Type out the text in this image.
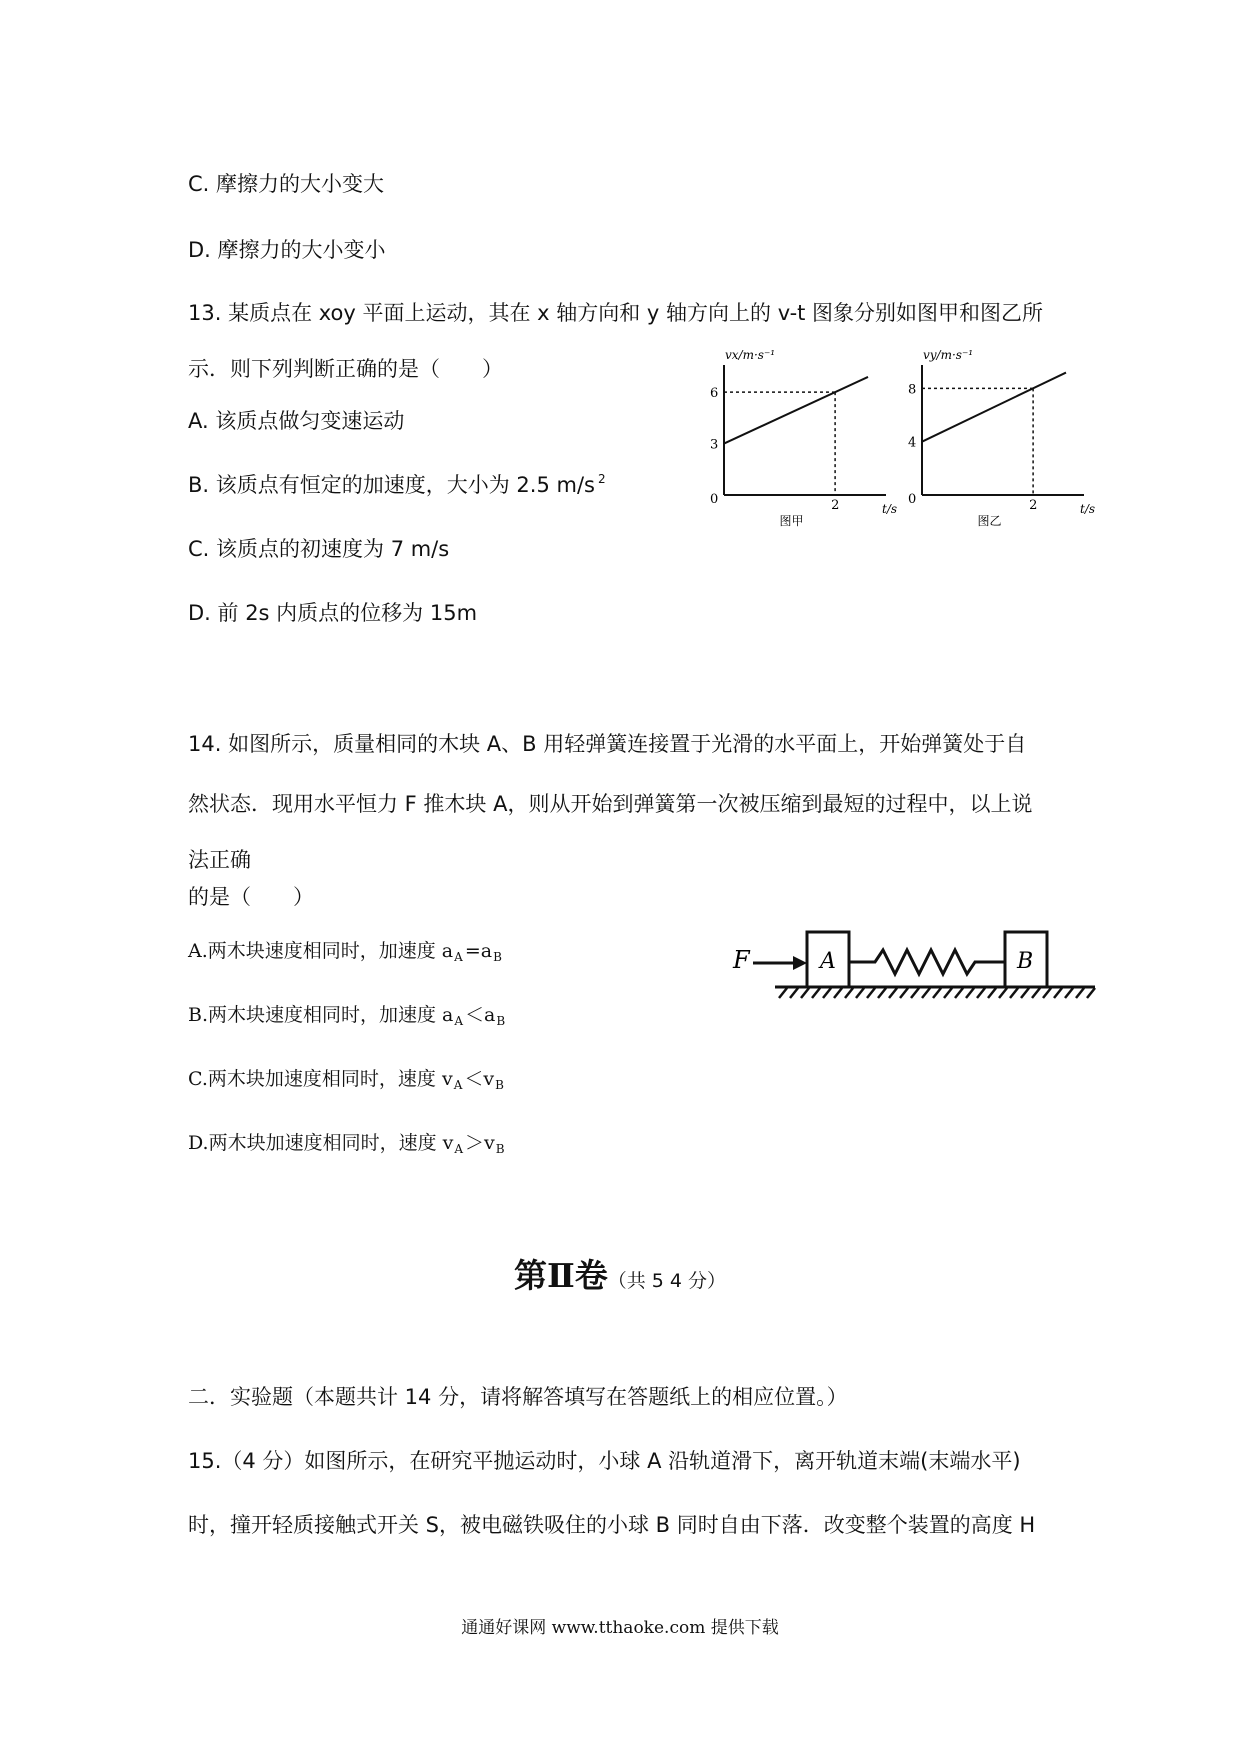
C. 摩擦力的大小变大
D. 摩擦力的大小变小
13. 某质点在 xoy 平面上运动，其在 x 轴方向和 y 轴方向上的 v-t 图象分别如图甲和图乙所
示．则下列判断正确的是（　　）
A. 该质点做匀变速运动
B. 该质点有恒定的加速度，大小为 2.5 m/s $^2$
C. 该质点的初速度为 7 m/s
D. 前 2s 内质点的位移为 15m
vx/m·s⁻¹
t/s
0
图甲
2
3
6
vy/m·s⁻¹
t/s
0
图乙
2
4
8
14. 如图所示，质量相同的木块 A、B 用轻弹簧连接置于光滑的水平面上，开始弹簧处于自
然状态．现用水平恒力 F 推木块 A，则从开始到弹簧第一次被压缩到最短的过程中，以上说
法正确
的是（　　）
A.两木块速度相同时，加速度 $a_A =a_B$
B.两木块速度相同时，加速度 $a_A <a_B$
C.两木块加速度相同时，速度 $v_A <v_B$
D.两木块加速度相同时，速度 $v_A >v_B$
F	A	B
第Ⅱ卷（共 5 4 分）
二．实验题（本题共计 14 分，请将解答填写在答题纸上的相应位置。）
15.（4 分）如图所示，在研究平抛运动时，小球 A 沿轨道滑下，离开轨道末端(末端水平)
时，撞开轻质接触式开关 S，被电磁铁吸住的小球 B 同时自由下落．改变整个装置的高度 H
通通好课网 www.tthaoke.com 提供下载
